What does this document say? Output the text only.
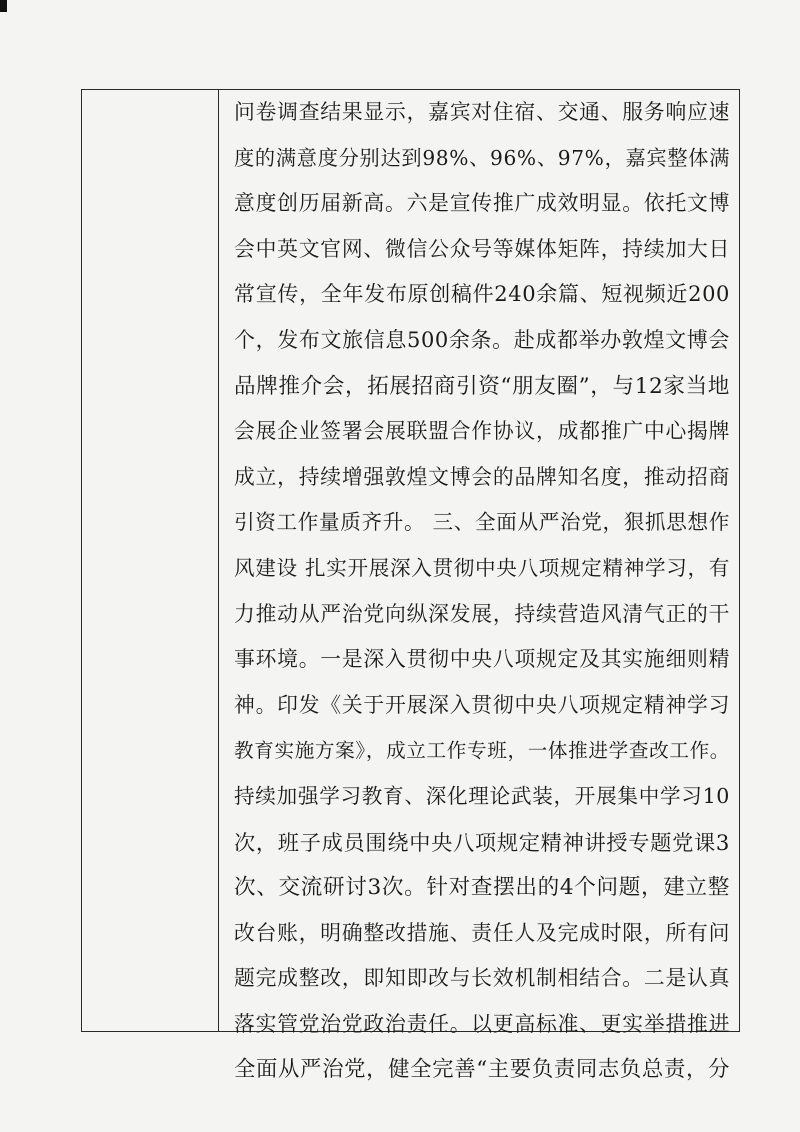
问卷调查结果显示，嘉宾对住宿、交通、服务响应速
度的满意度分别达到98%、96%、97%，嘉宾整体满
意度创历届新高。六是宣传推广成效明显。依托文博
会中英文官网、微信公众号等媒体矩阵，持续加大日
常宣传，全年发布原创稿件240余篇、短视频近200
个，发布文旅信息500余条。赴成都举办敦煌文博会
品牌推介会，拓展招商引资“朋友圈”，与12家当地
会展企业签署会展联盟合作协议，成都推广中心揭牌
成立，持续增强敦煌文博会的品牌知名度，推动招商
引资工作量质齐升。 三、全面从严治党，狠抓思想作
风建设 扎实开展深入贯彻中央八项规定精神学习，有
力推动从严治党向纵深发展，持续营造风清气正的干
事环境。一是深入贯彻中央八项规定及其实施细则精
神。印发《关于开展深入贯彻中央八项规定精神学习
教育实施方案》，成立工作专班，一体推进学查改工作。
持续加强学习教育、深化理论武装，开展集中学习10
次，班子成员围绕中央八项规定精神讲授专题党课3
次、交流研讨3次。针对查摆出的4个问题，建立整
改台账，明确整改措施、责任人及完成时限，所有问
题完成整改，即知即改与长效机制相结合。二是认真
落实管党治党政治责任。以更高标准、更实举措推进
全面从严治党，健全完善“主要负责同志负总责，分
